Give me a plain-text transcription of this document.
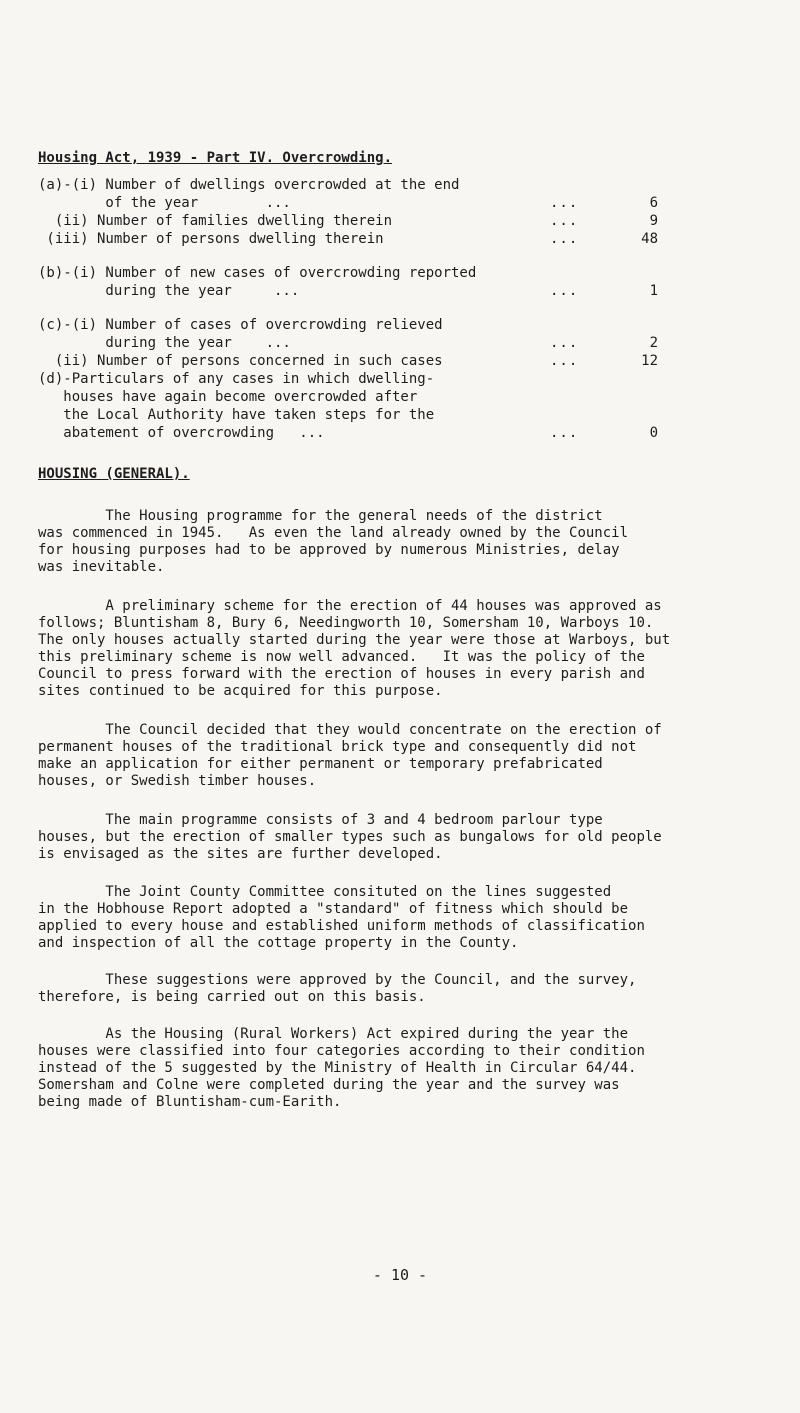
Housing Act, 1939 - Part IV. Overcrowding.
(a)-(i) Number of dwellings overcrowded at the end
of the year        ...	...	6
(ii) Number of families dwelling therein	...	9
(iii) Number of persons dwelling therein	...	48
(b)-(i) Number of new cases of overcrowding reported
during the year     ...	...	1
(c)-(i) Number of cases of overcrowding relieved
during the year    ...	...	2
(ii) Number of persons concerned in such cases	...	12
(d)-Particulars of any cases in which dwelling-
houses have again become overcrowded after
the Local Authority have taken steps for the
abatement of overcrowding   ...	...	0
HOUSING (GENERAL).
The Housing programme for the general needs of the district
was commenced in 1945.   As even the land already owned by the Council
for housing purposes had to be approved by numerous Ministries, delay
was inevitable.
A preliminary scheme for the erection of 44 houses was approved as
follows; Bluntisham 8, Bury 6, Needingworth 10, Somersham 10, Warboys 10.
The only houses actually started during the year were those at Warboys, but
this preliminary scheme is now well advanced.   It was the policy of the
Council to press forward with the erection of houses in every parish and
sites continued to be acquired for this purpose.
The Council decided that they would concentrate on the erection of
permanent houses of the traditional brick type and consequently did not
make an application for either permanent or temporary prefabricated
houses, or Swedish timber houses.
The main programme consists of 3 and 4 bedroom parlour type
houses, but the erection of smaller types such as bungalows for old people
is envisaged as the sites are further developed.
The Joint County Committee consituted on the lines suggested
in the Hobhouse Report adopted a "standard" of fitness which should be
applied to every house and established uniform methods of classification
and inspection of all the cottage property in the County.
These suggestions were approved by the Council, and the survey,
therefore, is being carried out on this basis.
As the Housing (Rural Workers) Act expired during the year the
houses were classified into four categories according to their condition
instead of the 5 suggested by the Ministry of Health in Circular 64/44.
Somersham and Colne were completed during the year and the survey was
being made of Bluntisham-cum-Earith.
- 10 -
